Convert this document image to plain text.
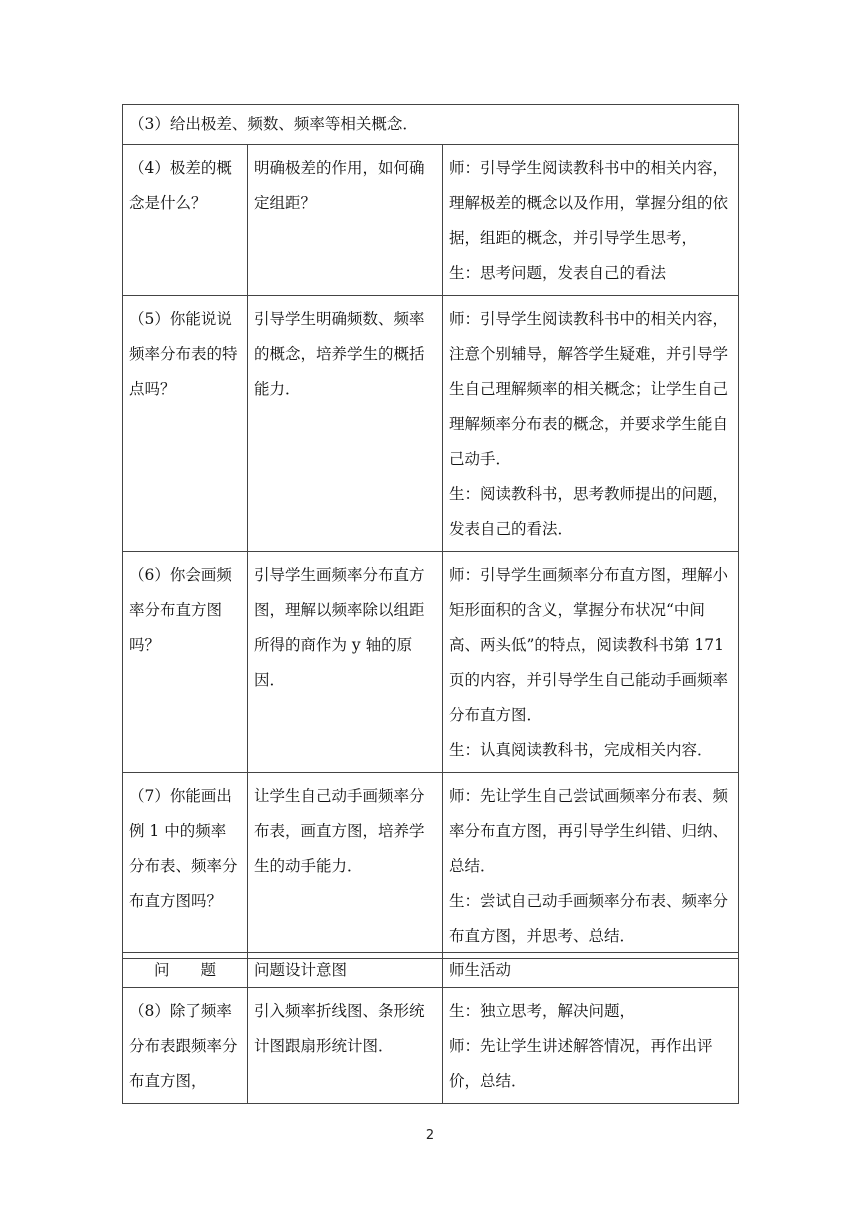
（3）给出极差、频数、频率等相关概念．		
（4）极差的概念是什么？	明确极差的作用，如何确定组距？	师：引导学生阅读教科书中的相关内容，理解极差的概念以及作用，掌握分组的依据，组距的概念，并引导学生思考，
生：思考问题，发表自己的看法

（5）你能说说频率分布表的特点吗？	引导学生明确频数、频率的概念，培养学生的概括能力．	师：引导学生阅读教科书中的相关内容，注意个别辅导，解答学生疑难，并引导学生自己理解频率的相关概念；让学生自己理解频率分布表的概念，并要求学生能自己动手．
生：阅读教科书，思考教师提出的问题，发表自己的看法．

（6）你会画频率分布直方图吗？	引导学生画频率分布直方图，理解以频率除以组距所得的商作为 y 轴的原因．	师：引导学生画频率分布直方图，理解小矩形面积的含义，掌握分布状况“中间高、两头低”的特点，阅读教科书第 171 页的内容，并引导学生自己能动手画频率分布直方图．
生：认真阅读教科书，完成相关内容．

（7）你能画出例 1 中的频率分布表、频率分布直方图吗？	让学生自己动手画频率分布表，画直方图，培养学生的动手能力．	师：先让学生自己尝试画频率分布表、频率分布直方图，再引导学生纠错、归纳、总结．
生：尝试自己动手画频率分布表、频率分布直方图，并思考、总结．
问　　题	问题设计意图	师生活动
（8）除了频率分布表跟频率分布直方图，	引入频率折线图、条形统计图跟扇形统计图．	生：独立思考，解决问题，
师：先让学生讲述解答情况，再作出评价，总结．
2
